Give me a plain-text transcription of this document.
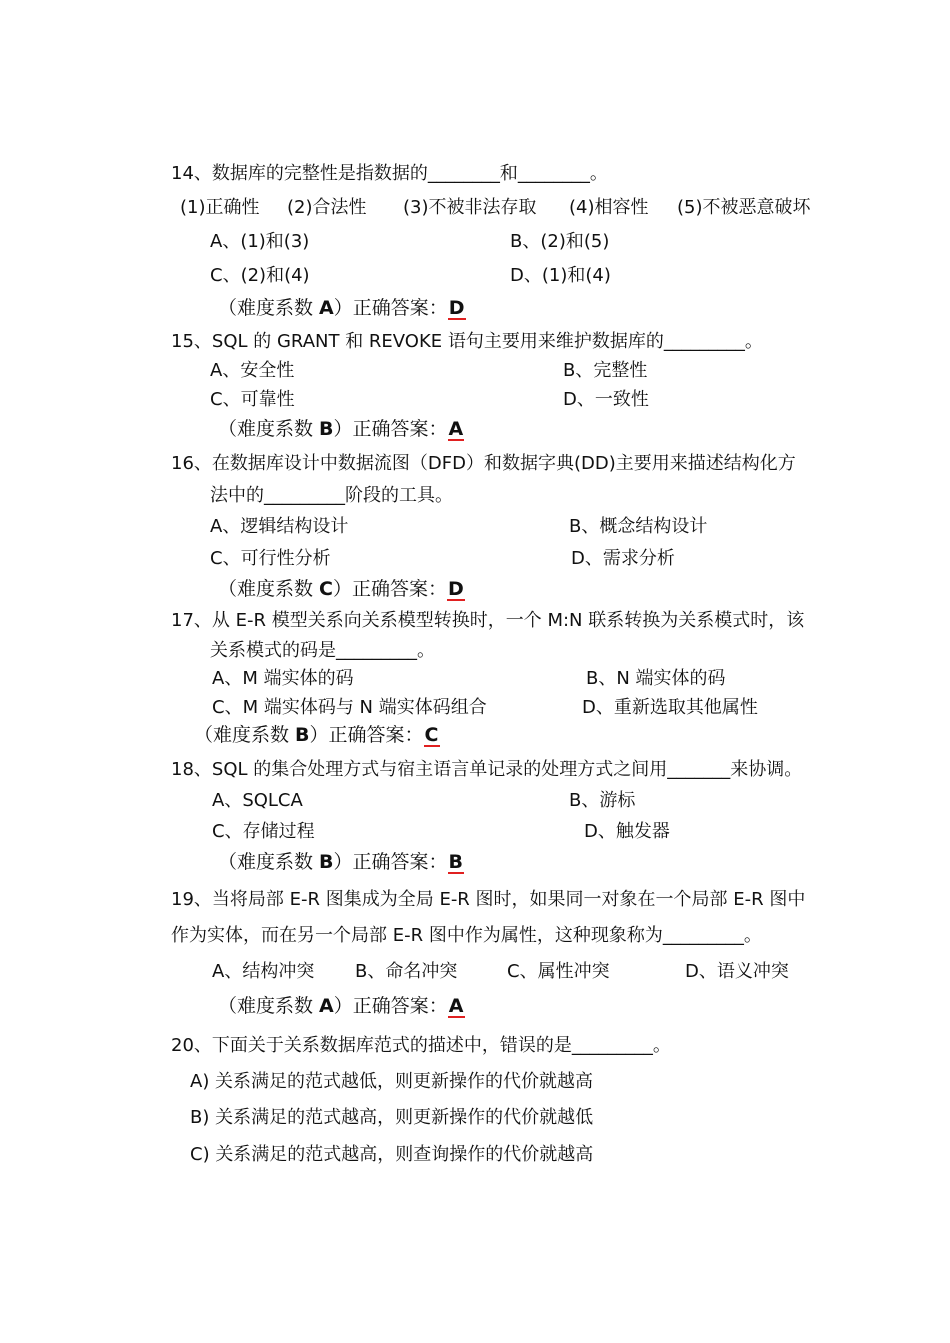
14、数据库的完整性是指数据的________和________。
(1)正确性 (2)合法性 (3)不被非法存取 (4)相容性 (5)不被恶意破坏
A、(1)和(3)	B、(2)和(5)
C、(2)和(4)	D、(1)和(4)
（难度系数 A）正确答案：D
15、SQL 的 GRANT 和 REVOKE 语句主要用来维护数据库的_________。
A、安全性	B、完整性
C、可靠性	D、一致性
（难度系数 B）正确答案：A
16、在数据库设计中数据流图（DFD）和数据字典(DD)主要用来描述结构化方
法中的_________阶段的工具。
A、逻辑结构设计	B、概念结构设计
C、可行性分析	D、需求分析
（难度系数 C）正确答案：D
17、从 E-R 模型关系向关系模型转换时，一个 M:N 联系转换为关系模式时，该
关系模式的码是_________。
A、M 端实体的码	B、N 端实体的码
C、M 端实体码与 N 端实体码组合	D、重新选取其他属性
（难度系数 B）正确答案：C
18、SQL 的集合处理方式与宿主语言单记录的处理方式之间用_______来协调。
A、SQLCA	B、游标
C、存储过程	D、触发器
（难度系数 B）正确答案：B
19、当将局部 E-R 图集成为全局 E-R 图时，如果同一对象在一个局部 E-R 图中
作为实体，而在另一个局部 E-R 图中作为属性，这种现象称为_________。
A、结构冲突 B、命名冲突	C、属性冲突	D、语义冲突
（难度系数 A）正确答案：A
20、下面关于关系数据库范式的描述中，错误的是_________。
A) 关系满足的范式越低，则更新操作的代价就越高
B) 关系满足的范式越高，则更新操作的代价就越低
C) 关系满足的范式越高，则查询操作的代价就越高
